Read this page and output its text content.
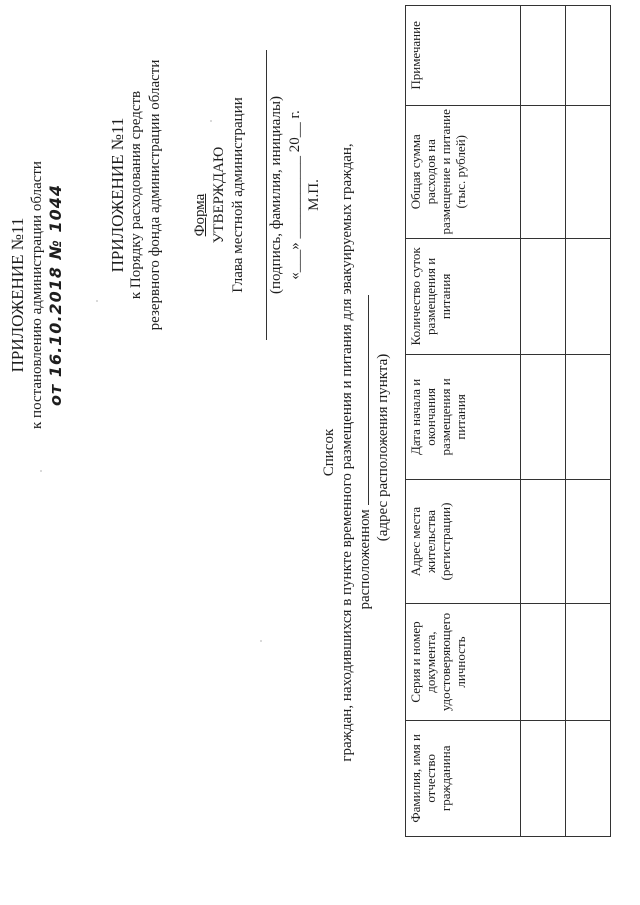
ПРИЛОЖЕНИЕ №11 к постановлению администрации области от 16.10.2018 № 1044	ПРИЛОЖЕНИЕ №11 к Порядку расходования средств резервного фонда администрации области Форма УТВЕРЖДАЮ Глава местной администрации (подпись, фамилия, инициалы) «___» ___________ 20__ г. М.П.
Список граждан, находившихся в пункте временного размещения и питания для эвакуируемых граждан, расположенном
(адрес расположения пункта)
Фамилия, имя и отчество гражданина	Серия и номер документа, удостоверяющего личность	Адрес места жительства (регистрации)	Дата начала и окончания размещения и питания	Количество суток размещения и питания	Общая сумма расходов на размещение и питание (тыс. рублей)	Примечание
